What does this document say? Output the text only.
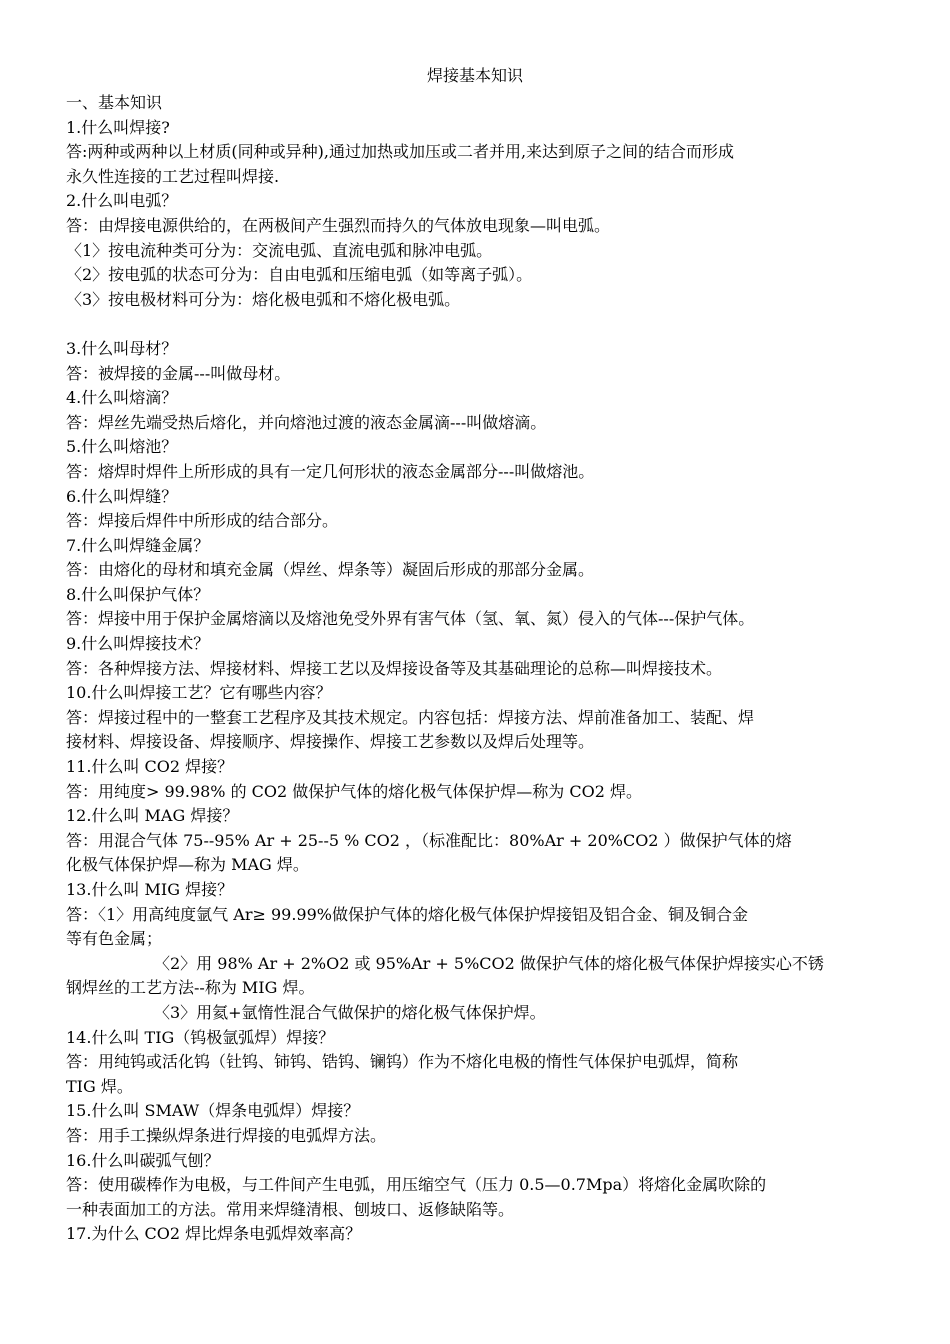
焊接基本知识
一、基本知识
1.什么叫焊接?
答:两种或两种以上材质(同种或异种),通过加热或加压或二者并用,来达到原子之间的结合而形成
永久性连接的工艺过程叫焊接.
2.什么叫电弧？
答：由焊接电源供给的，在两极间产生强烈而持久的气体放电现象—叫电弧。
〈1〉按电流种类可分为：交流电弧、直流电弧和脉冲电弧。
〈2〉按电弧的状态可分为：自由电弧和压缩电弧（如等离子弧）。
〈3〉按电极材料可分为：熔化极电弧和不熔化极电弧。
3.什么叫母材？
答：被焊接的金属---叫做母材。
4.什么叫熔滴？
答：焊丝先端受热后熔化，并向熔池过渡的液态金属滴---叫做熔滴。
5.什么叫熔池？
答：熔焊时焊件上所形成的具有一定几何形状的液态金属部分---叫做熔池。
6.什么叫焊缝？
答：焊接后焊件中所形成的结合部分。
7.什么叫焊缝金属？
答：由熔化的母材和填充金属（焊丝、焊条等）凝固后形成的那部分金属。
8.什么叫保护气体？
答：焊接中用于保护金属熔滴以及熔池免受外界有害气体（氢、氧、氮）侵入的气体---保护气体。
9.什么叫焊接技术？
答：各种焊接方法、焊接材料、焊接工艺以及焊接设备等及其基础理论的总称—叫焊接技术。
10.什么叫焊接工艺？它有哪些内容？
答：焊接过程中的一整套工艺程序及其技术规定。内容包括：焊接方法、焊前准备加工、装配、焊
接材料、焊接设备、焊接顺序、焊接操作、焊接工艺参数以及焊后处理等。
11.什么叫 CO2 焊接？
答：用纯度> 99.98% 的 CO2 做保护气体的熔化极气体保护焊—称为 CO2 焊。
12.什么叫 MAG 焊接？
答：用混合气体 75--95% Ar + 25--5 % CO2 ，（标准配比：80%Ar + 20%CO2 ）做保护气体的熔
化极气体保护焊—称为 MAG 焊。
13.什么叫 MIG 焊接？
答：〈1〉用高纯度氩气 Ar≥ 99.99%做保护气体的熔化极气体保护焊接铝及铝合金、铜及铜合金
等有色金属；
〈2〉用 98% Ar + 2%O2 或 95%Ar + 5%CO2 做保护气体的熔化极气体保护焊接实心不锈
钢焊丝的工艺方法--称为 MIG 焊。
〈3〉用氦+氩惰性混合气做保护的熔化极气体保护焊。
14.什么叫 TIG（钨极氩弧焊）焊接？
答：用纯钨或活化钨（钍钨、铈钨、锆钨、镧钨）作为不熔化电极的惰性气体保护电弧焊，简称
TIG 焊。
15.什么叫 SMAW（焊条电弧焊）焊接？
答：用手工操纵焊条进行焊接的电弧焊方法。
16.什么叫碳弧气刨？
答：使用碳棒作为电极，与工件间产生电弧，用压缩空气（压力 0.5—0.7Mpa）将熔化金属吹除的
一种表面加工的方法。常用来焊缝清根、刨坡口、返修缺陷等。
17.为什么 CO2 焊比焊条电弧焊效率高？
